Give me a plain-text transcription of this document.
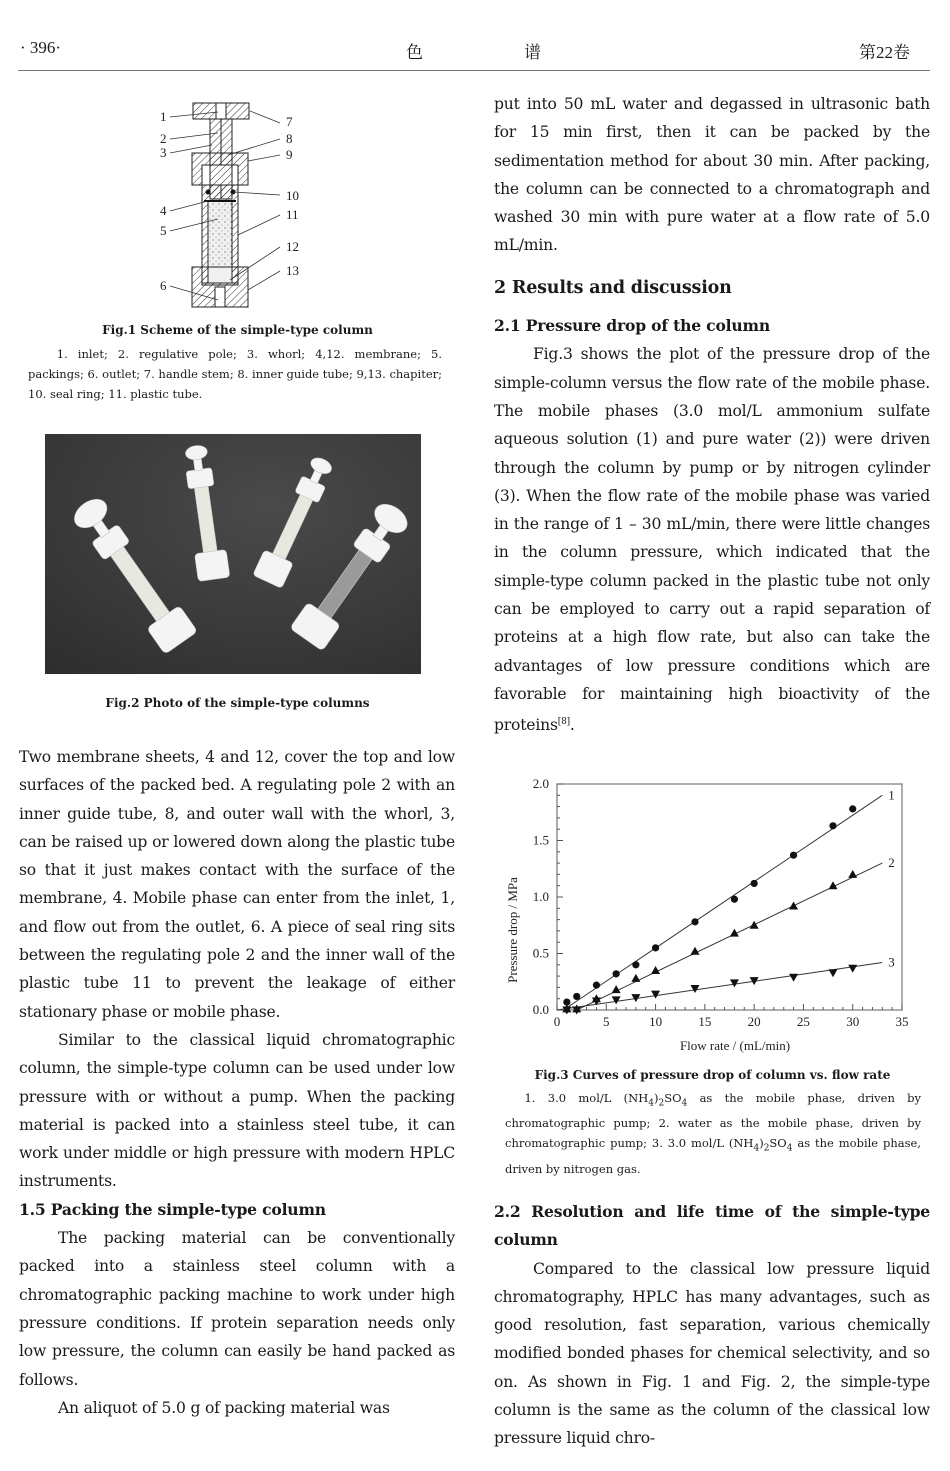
· 396·	色	谱	第22卷
1
2
3
4
5
6
7
8
9
10
11
12
13
Fig.1 Scheme of the simple-type column
1. inlet; 2. regulative pole; 3. whorl; 4,12. membrane; 5. packings; 6. outlet; 7. handle stem; 8. inner guide tube; 9,13. chapiter; 10. seal ring; 11. plastic tube.
Fig.2 Photo of the simple-type columns

Two membrane sheets, 4 and 12, cover the top and low surfaces of the packed bed. A regulating pole 2 with an inner guide tube, 8, and outer wall with the whorl, 3, can be raised up or lowered down along the plastic tube so that it just makes contact with the surface of the membrane, 4. Mobile phase can enter from the inlet, 1, and flow out from the outlet, 6. A piece of seal ring sits between the regulating pole 2 and the inner wall of the plastic tube 11 to prevent the leakage of either stationary phase or mobile phase.

Similar to the classical liquid chromatographic column, the simple-type column can be used under low pressure with or without a pump. When the packing material is packed into a stainless steel tube, it can work under middle or high pressure with modern HPLC instruments.

1.5 Packing the simple-type column

The packing material can be conventionally packed into a stainless steel column with a chromatographic packing machine to work under high pressure conditions. If protein separation needs only low pressure, the column can easily be hand packed as follows.

An aliquot of 5.0 g of packing material was

put into 50 mL water and degassed in ultrasonic bath for 15 min first, then it can be packed by the sedimentation method for about 30 min. After packing, the column can be connected to a chromatograph and washed 30 min with pure water at a flow rate of 5.0 mL/min.

2 Results and discussion

2.1 Pressure drop of the column

Fig.3 shows the plot of the pressure drop of the simple-column versus the flow rate of the mobile phase. The mobile phases (3.0 mol/L ammonium sulfate aqueous solution (1) and pure water (2)) were driven through the column by pump or by nitrogen cylinder (3). When the flow rate of the mobile phase was varied in the range of 1 – 30 mL/min, there were little changes in the column pressure, which indicated that the simple-type column packed in the plastic tube not only can be employed to carry out a rapid separation of proteins at a high flow rate, but also can take the advantages of low pressure conditions which are favorable for maintaining high bioactivity of the proteins[8].

0	5	10	15	20	25	30	35
0.0
0.5
1.0
1.5
2.0
1
2
3
Flow rate / (mL/min)
Pressure drop / MPa
Fig.3 Curves of pressure drop of column vs. flow rate
1. 3.0 mol/L $(NH_4)_2SO_4$ as the mobile phase, driven by chromatographic pump; 2. water as the mobile phase, driven by chromatographic pump; 3. 3.0 mol/L $(NH_4)_2SO_4$ as the mobile phase, driven by nitrogen gas.

2.2 Resolution and life time of the simple-type column

Compared to the classical low pressure liquid chromatography, HPLC has many advantages, such as good resolution, fast separation, various chemically modified bonded phases for chemical selectivity, and so on. As shown in Fig. 1 and Fig. 2, the simple-type column is the same as the column of the classical low pressure liquid chro-
